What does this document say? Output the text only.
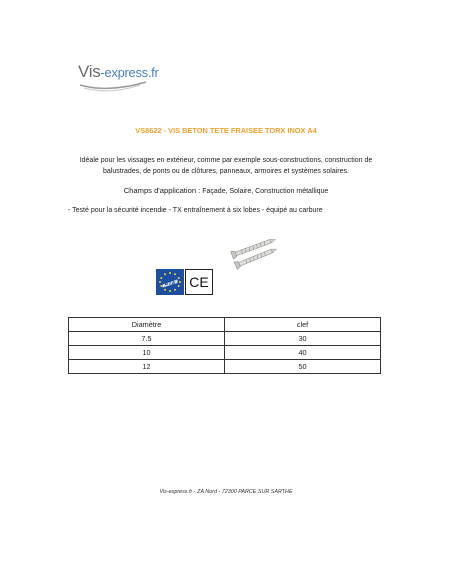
Vis-express.fr
VS8622 - VIS BETON TETE FRAISEE TORX INOX A4
Idéale pour les vissages en extérieur, comme par exemple sous-constructions, construction de balustrades, de ponts ou de clôtures, panneaux, armoires et systèmes solaires.
Champs d'application : Façade, Solaire, Construction métallique
- Testé pour la sécurité incendie - TX entraînement à six lobes - équipé au carbure
ETA CE
Diamètre	clef
7.5	30
10	40
12	50
Vis-express.fr - ZA Nord - 72300 PARCE SUR SARTHE
